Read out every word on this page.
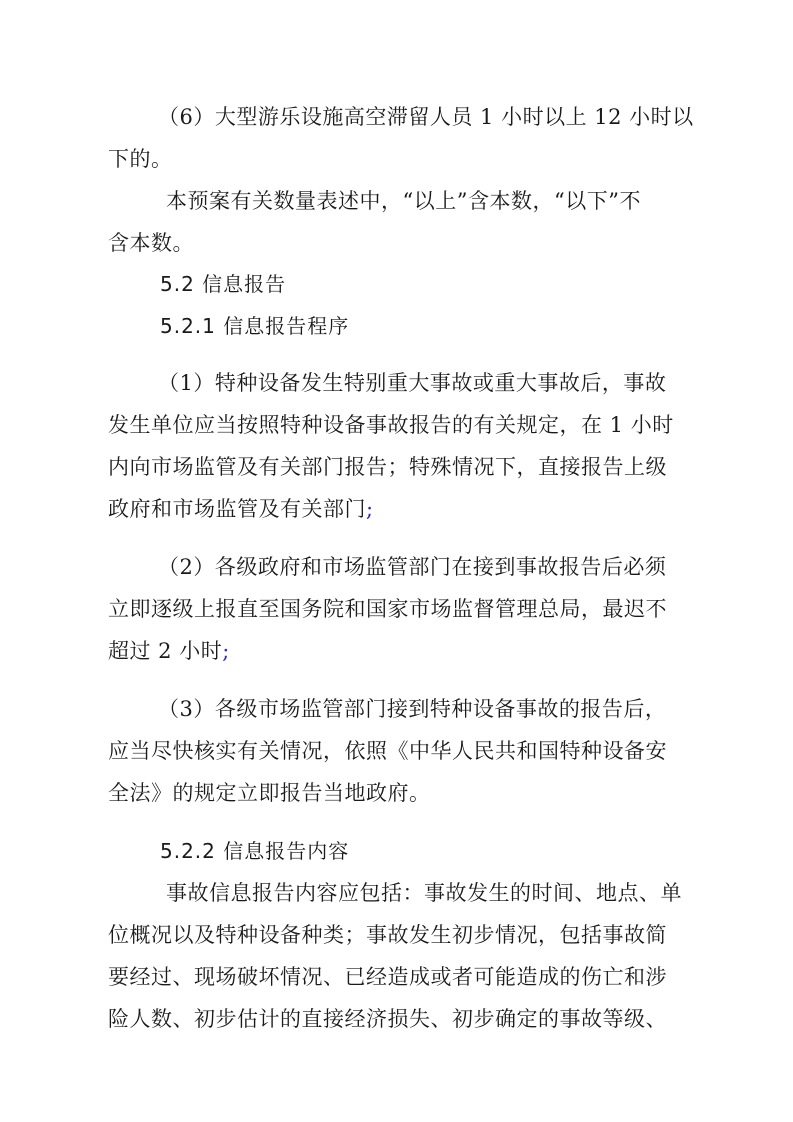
（6）大型游乐设施高空滞留人员 1 小时以上 12 小时以
下的。
本预案有关数量表述中，“以上”含本数，“以下”不
含本数。
5.2 信息报告
5.2.1 信息报告程序
（1）特种设备发生特别重大事故或重大事故后，事故
发生单位应当按照特种设备事故报告的有关规定，在 1 小时
内向市场监管及有关部门报告；特殊情况下，直接报告上级
政府和市场监管及有关部门;
（2）各级政府和市场监管部门在接到事故报告后必须
立即逐级上报直至国务院和国家市场监督管理总局，最迟不
超过 2 小时;
（3）各级市场监管部门接到特种设备事故的报告后，
应当尽快核实有关情况，依照《中华人民共和国特种设备安
全法》的规定立即报告当地政府。
5.2.2 信息报告内容
事故信息报告内容应包括：事故发生的时间、地点、单
位概况以及特种设备种类；事故发生初步情况，包括事故简
要经过、现场破坏情况、已经造成或者可能造成的伤亡和涉
险人数、初步估计的直接经济损失、初步确定的事故等级、
